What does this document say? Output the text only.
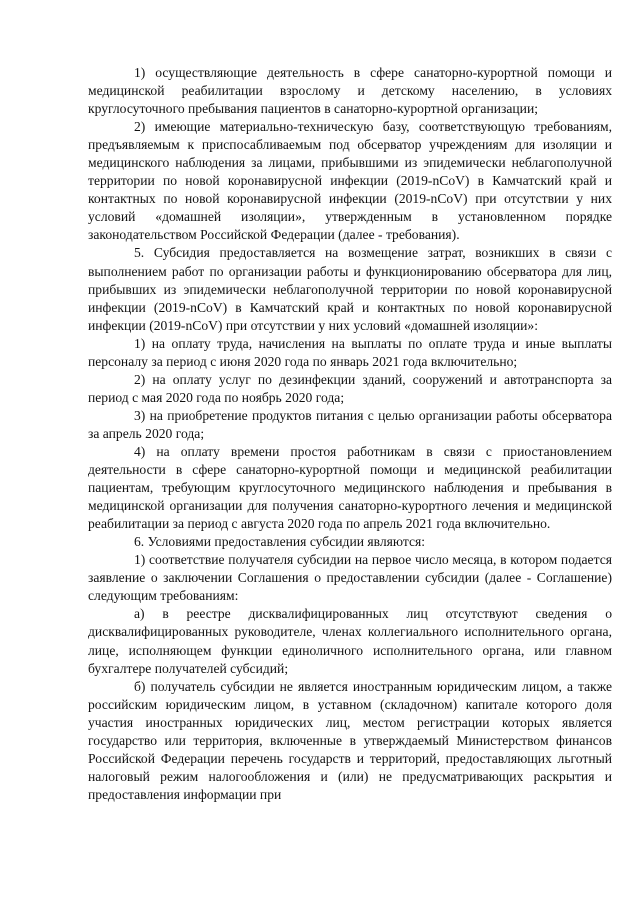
1) осуществляющие деятельность в сфере санаторно-курортной помощи и медицинской реабилитации взрослому и детскому населению, в условиях круглосуточного пребывания пациентов в санаторно-курортной организации;

2) имеющие материально-техническую базу, соответствующую требованиям, предъявляемым к приспосабливаемым под обсерватор учреждениям для изоляции и медицинского наблюдения за лицами, прибывшими из эпидемически неблагополучной территории по новой коронавирусной инфекции (2019-nCoV) в Камчатский край и контактных по новой коронавирусной инфекции (2019-nCoV) при отсутствии у них условий «домашней изоляции», утвержденным в установленном порядке законодательством Российской Федерации (далее - требования).

5. Субсидия предоставляется на возмещение затрат, возникших в связи с выполнением работ по организации работы и функционированию обсерватора для лиц, прибывших из эпидемически неблагополучной территории по новой коронавирусной инфекции (2019-nCoV) в Камчатский край и контактных по новой коронавирусной инфекции (2019-nCoV) при отсутствии у них условий «домашней изоляции»:

1) на оплату труда, начисления на выплаты по оплате труда и иные выплаты персоналу за период с июня 2020 года по январь 2021 года включительно;

2) на оплату услуг по дезинфекции зданий, сооружений и автотранспорта за период с мая 2020 года по ноябрь 2020 года;

3) на приобретение продуктов питания с целью организации работы обсерватора за апрель 2020 года;

4) на оплату времени простоя работникам в связи с приостановлением деятельности в сфере санаторно-курортной помощи и медицинской реабилитации пациентам, требующим круглосуточного медицинского наблюдения и пребывания в медицинской организации для получения санаторно-курортного лечения и медицинской реабилитации за период с августа 2020 года по апрель 2021 года включительно.

6. Условиями предоставления субсидии являются:

1) соответствие получателя субсидии на первое число месяца, в котором подается заявление о заключении Соглашения о предоставлении субсидии (далее - Соглашение) следующим требованиям:

а) в реестре дисквалифицированных лиц отсутствуют сведения о дисквалифицированных руководителе, членах коллегиального исполнительного органа, лице, исполняющем функции единоличного исполнительного органа, или главном бухгалтере получателей субсидий;

б) получатель субсидии не является иностранным юридическим лицом, а также российским юридическим лицом, в уставном (складочном) капитале которого доля участия иностранных юридических лиц, местом регистрации которых является государство или территория, включенные в утверждаемый Министерством финансов Российской Федерации перечень государств и территорий, предоставляющих льготный налоговый режим налогообложения и (или) не предусматривающих раскрытия и предоставления информации при
